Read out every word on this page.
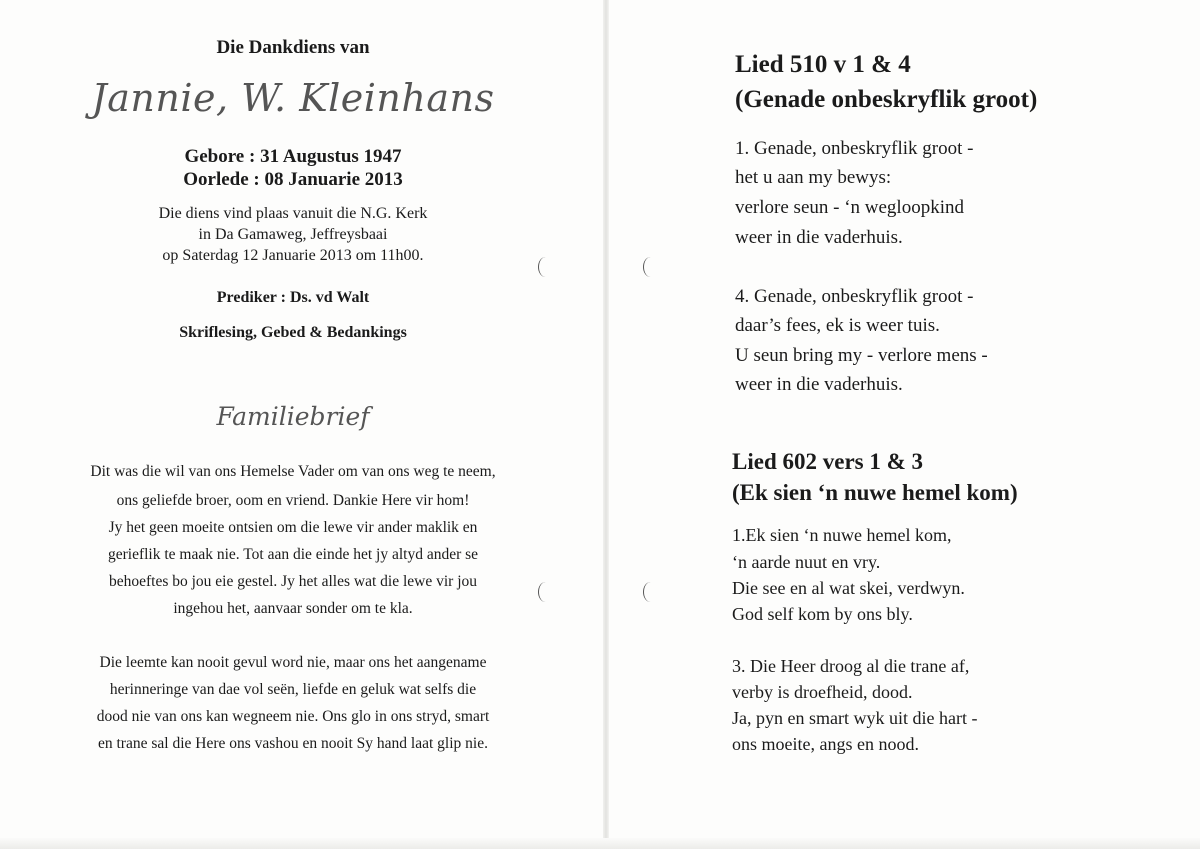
Die Dankdiens van
Jannie, W. Kleinhans
Gebore : 31 Augustus 1947
Oorlede : 08 Januarie 2013
Die diens vind plaas vanuit die N.G. Kerk
in Da Gamaweg, Jeffreysbaai
op Saterdag 12 Januarie 2013 om 11h00.
Prediker : Ds. vd Walt
Skriflesing, Gebed & Bedankings
Familiebrief
Dit was die wil van ons Hemelse Vader om van ons weg te neem,
ons geliefde broer, oom en vriend. Dankie Here vir hom!
Jy het geen moeite ontsien om die lewe vir ander maklik en
gerieflik te maak nie. Tot aan die einde het jy altyd ander se
behoeftes bo jou eie gestel. Jy het alles wat die lewe vir jou
ingehou het, aanvaar sonder om te kla.
Die leemte kan nooit gevul word nie, maar ons het aangename
herinneringe van dae vol seën, liefde en geluk wat selfs die
dood nie van ons kan wegneem nie. Ons glo in ons stryd, smart
en trane sal die Here ons vashou en nooit Sy hand laat glip nie.
Lied 510 v 1 & 4
(Genade onbeskryflik groot)
1. Genade, onbeskryflik groot -
het u aan my bewys:
verlore seun - ‘n wegloopkind
weer in die vaderhuis.
4. Genade, onbeskryflik groot -
daar’s fees, ek is weer tuis.
U seun bring my - verlore mens -
weer in die vaderhuis.
Lied 602 vers 1 & 3
(Ek sien ‘n nuwe hemel kom)
1.Ek sien ‘n nuwe hemel kom,
‘n aarde nuut en vry.
Die see en al wat skei, verdwyn.
God self kom by ons bly.
3. Die Heer droog al die trane af,
verby is droefheid, dood.
Ja, pyn en smart wyk uit die hart -
ons moeite, angs en nood.
